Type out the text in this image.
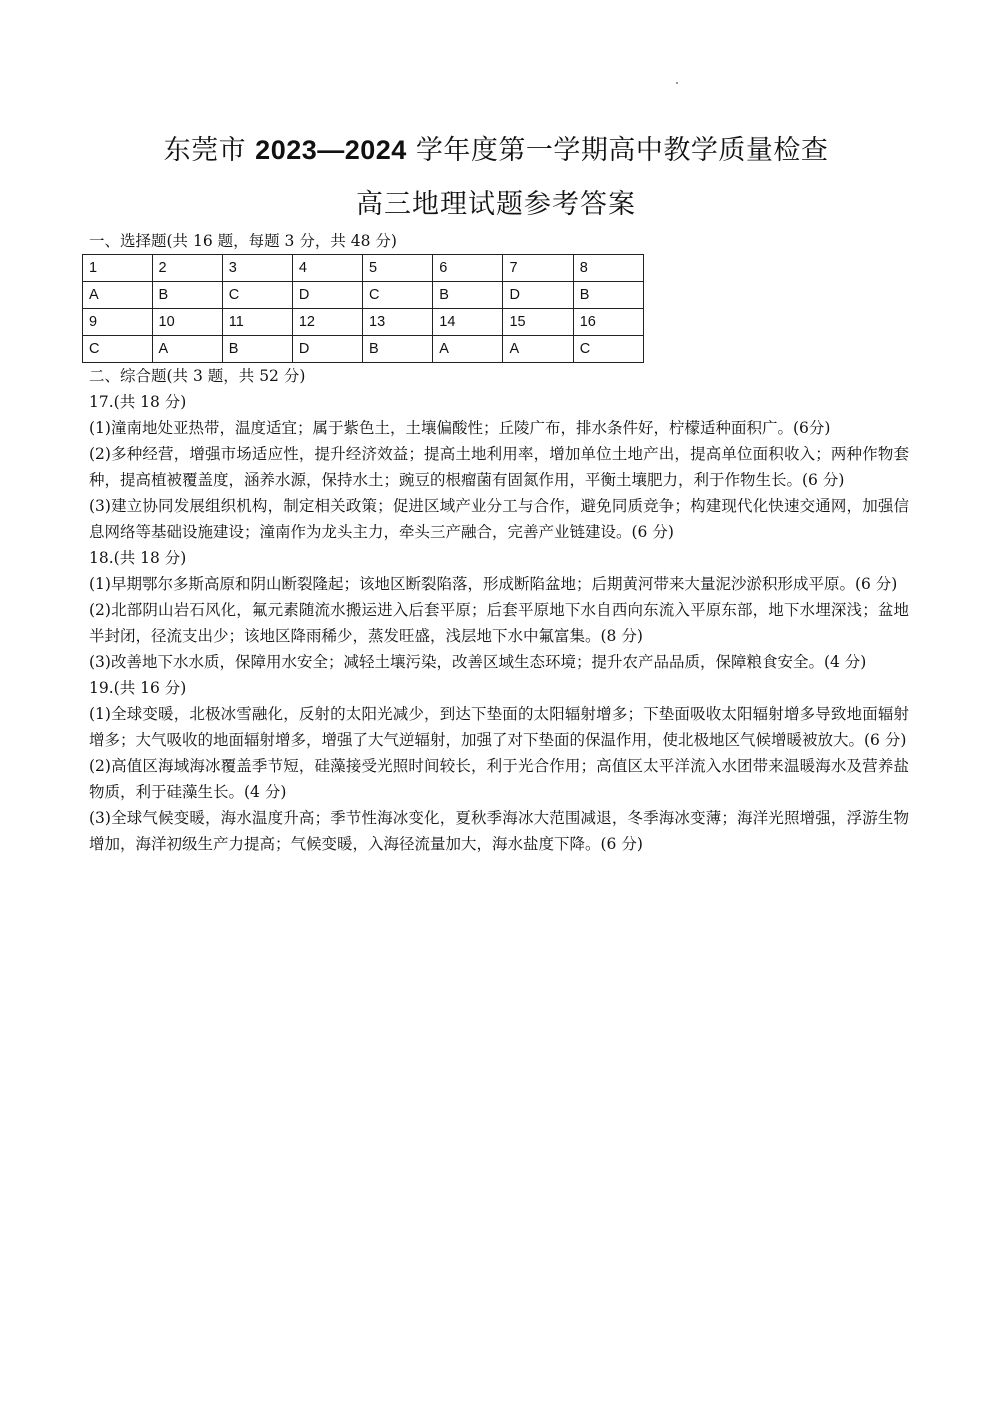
东莞市 2023—2024 学年度第一学期高中教学质量检查
高三地理试题参考答案
一、选择题(共 16 题，每题 3 分，共 48 分)
1	2	3	4	5	6	7	8
A	B	C	D	C	B	D	B
9	10	11	12	13	14	15	16
C	A	B	D	B	A	A	C
二、综合题(共 3 题，共 52 分)
17.(共 18 分)
(1)潼南地处亚热带，温度适宜；属于紫色土，土壤偏酸性；丘陵广布，排水条件好，柠檬适种面积广。(6分)
(2)多种经营，增强市场适应性，提升经济效益；提高土地利用率，增加单位土地产出，提高单位面积收入；两种作物套种，提高植被覆盖度，涵养水源，保持水土；豌豆的根瘤菌有固氮作用，平衡土壤肥力，利于作物生长。(6 分)
(3)建立协同发展组织机构，制定相关政策；促进区域产业分工与合作，避免同质竞争；构建现代化快速交通网，加强信息网络等基础设施建设；潼南作为龙头主力，牵头三产融合，完善产业链建设。(6 分)
18.(共 18 分)
(1)早期鄂尔多斯高原和阴山断裂隆起；该地区断裂陷落，形成断陷盆地；后期黄河带来大量泥沙淤积形成平原。(6 分)
(2)北部阴山岩石风化，氟元素随流水搬运进入后套平原；后套平原地下水自西向东流入平原东部，地下水埋深浅；盆地半封闭，径流支出少；该地区降雨稀少，蒸发旺盛，浅层地下水中氟富集。(8 分)
(3)改善地下水水质，保障用水安全；减轻土壤污染，改善区域生态环境；提升农产品品质，保障粮食安全。(4 分)
19.(共 16 分)
(1)全球变暖，北极冰雪融化，反射的太阳光减少，到达下垫面的太阳辐射增多；下垫面吸收太阳辐射增多导致地面辐射增多；大气吸收的地面辐射增多，增强了大气逆辐射，加强了对下垫面的保温作用，使北极地区气候增暖被放大。(6 分)
(2)高值区海域海冰覆盖季节短，硅藻接受光照时间较长，利于光合作用；高值区太平洋流入水团带来温暖海水及营养盐物质，利于硅藻生长。(4 分)
(3)全球气候变暖，海水温度升高；季节性海冰变化，夏秋季海冰大范围减退，冬季海冰变薄；海洋光照增强，浮游生物增加，海洋初级生产力提高；气候变暖，入海径流量加大，海水盐度下降。(6 分)
